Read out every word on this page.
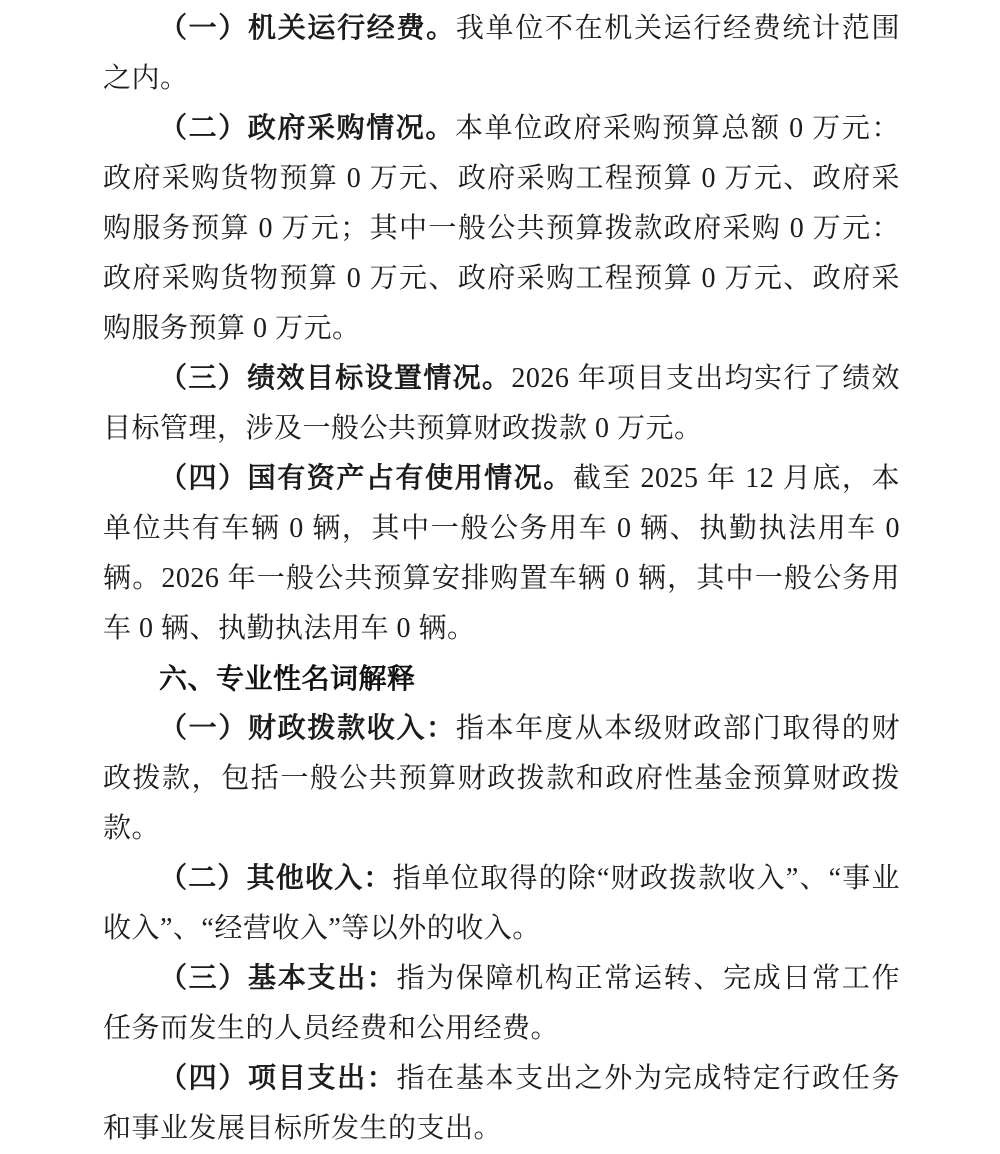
（一）机关运行经费。我单位不在机关运行经费统计范围之内。

（二）政府采购情况。本单位政府采购预算总额 0 万元：政府采购货物预算 0 万元、政府采购工程预算 0 万元、政府采购服务预算 0 万元；其中一般公共预算拨款政府采购 0 万元：政府采购货物预算 0 万元、政府采购工程预算 0 万元、政府采购服务预算 0 万元。

（三）绩效目标设置情况。2026 年项目支出均实行了绩效目标管理，涉及一般公共预算财政拨款 0 万元。

（四）国有资产占有使用情况。截至 2025 年 12 月底，本单位共有车辆 0 辆，其中一般公务用车 0 辆、执勤执法用车 0 辆。2026 年一般公共预算安排购置车辆 0 辆，其中一般公务用车 0 辆、执勤执法用车 0 辆。

六、专业性名词解释

（一）财政拨款收入：指本年度从本级财政部门取得的财政拨款，包括一般公共预算财政拨款和政府性基金预算财政拨款。

（二）其他收入：指单位取得的除“财政拨款收入”、“事业收入”、“经营收入”等以外的收入。

（三）基本支出：指为保障机构正常运转、完成日常工作任务而发生的人员经费和公用经费。

（四）项目支出：指在基本支出之外为完成特定行政任务和事业发展目标所发生的支出。
